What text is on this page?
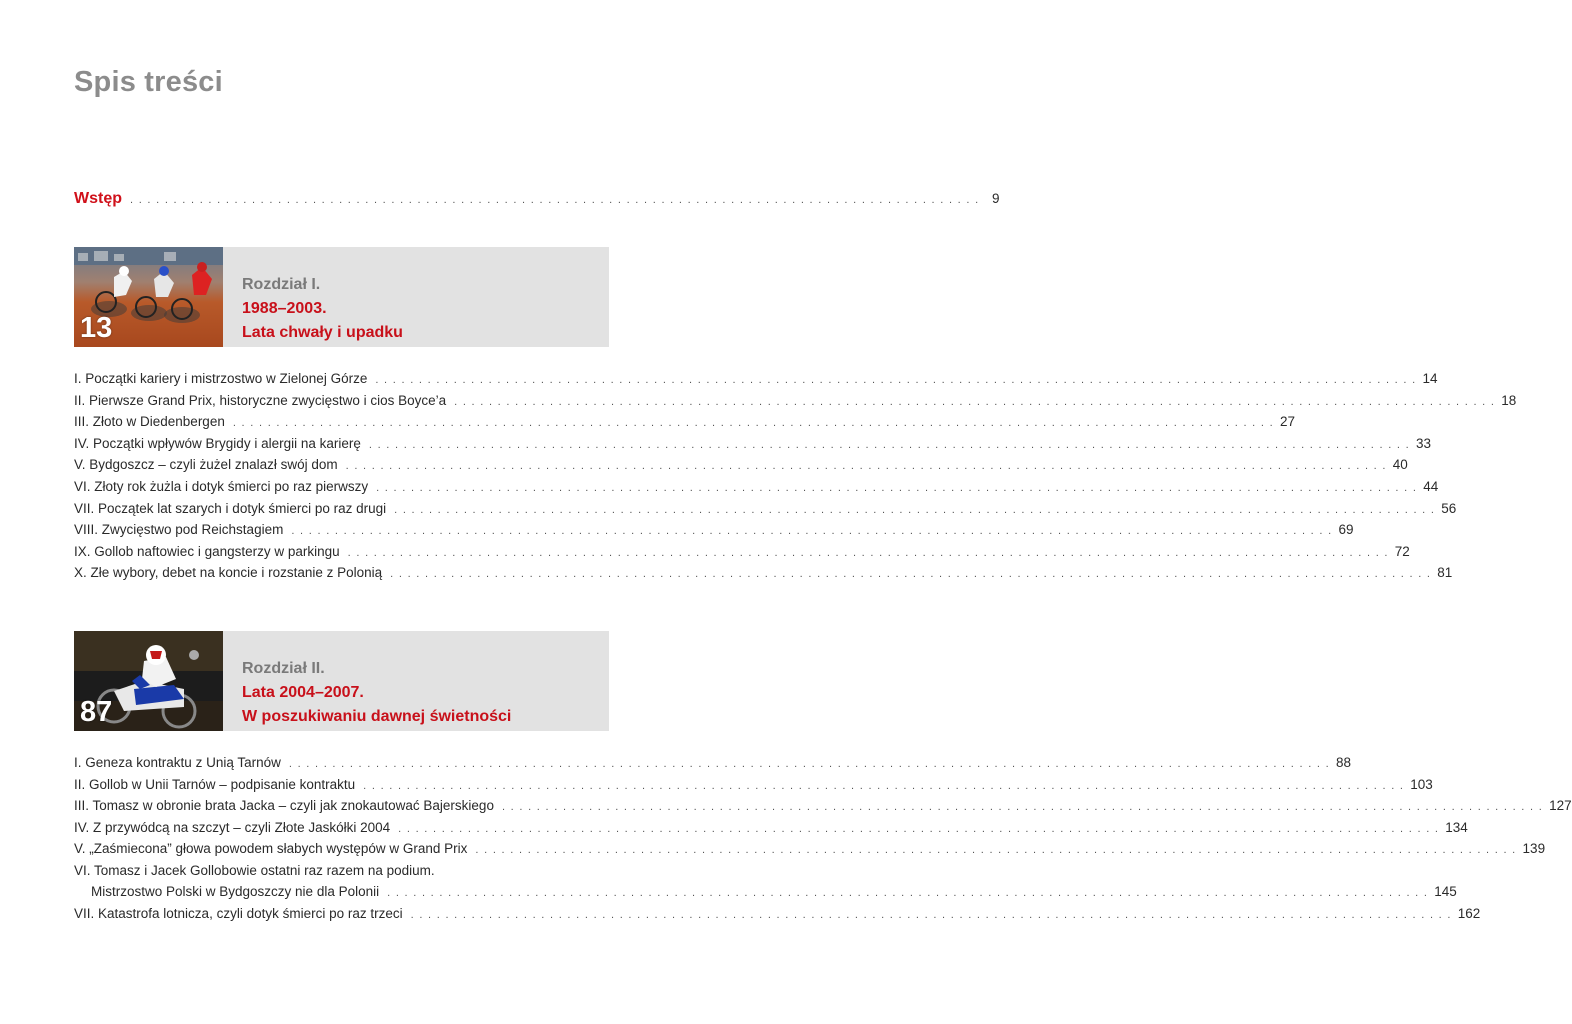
Spis treści
Wstęp . . . . . . . . . . . . . . . . . . . . . . . . . . . . . . . . . . . . . . . . . . . . . . . . . . . . . . . . . . . . . . . . . . . . . . . . . . . . . . . . . . . . . . . . . . . . . . . . . . 9
13
Rozdział I.
1988–2003.
Lata chwały i upadku
I. Początki kariery i mistrzostwo w Zielonej Górze . . . . . . . . . . . . . . . . . . . . . . . . . . . . . . . . . . . . . . . . . . . . . . . . . . . . . . . . . . . . . . . . . . . . . . . . . . . . . . . . . . . . . . . . . . . . . . . . . . . . . . . . . . . . . . . . . . . . . . . . 14
II. Pierwsze Grand Prix, historyczne zwycięstwo i cios Boyce’a . . . . . . . . . . . . . . . . . . . . . . . . . . . . . . . . . . . . . . . . . . . . . . . . . . . . . . . . . . . . . . . . . . . . . . . . . . . . . . . . . . . . . . . . . . . . . . . . . . . . . . . . . . . . . . . . . . . . . . . . 18
III. Złoto w Diedenbergen . . . . . . . . . . . . . . . . . . . . . . . . . . . . . . . . . . . . . . . . . . . . . . . . . . . . . . . . . . . . . . . . . . . . . . . . . . . . . . . . . . . . . . . . . . . . . . . . . . . . . . . . . . . . . . . . . . . . . . . . 27
IV. Początki wpływów Brygidy i alergii na karierę . . . . . . . . . . . . . . . . . . . . . . . . . . . . . . . . . . . . . . . . . . . . . . . . . . . . . . . . . . . . . . . . . . . . . . . . . . . . . . . . . . . . . . . . . . . . . . . . . . . . . . . . . . . . . . . . . . . . . . . . 33
V. Bydgoszcz – czyli żużel znalazł swój dom . . . . . . . . . . . . . . . . . . . . . . . . . . . . . . . . . . . . . . . . . . . . . . . . . . . . . . . . . . . . . . . . . . . . . . . . . . . . . . . . . . . . . . . . . . . . . . . . . . . . . . . . . . . . . . . . . . . . . . . . 40
VI. Złoty rok żużla i dotyk śmierci po raz pierwszy . . . . . . . . . . . . . . . . . . . . . . . . . . . . . . . . . . . . . . . . . . . . . . . . . . . . . . . . . . . . . . . . . . . . . . . . . . . . . . . . . . . . . . . . . . . . . . . . . . . . . . . . . . . . . . . . . . . . . . . . 44
VII. Początek lat szarych i dotyk śmierci po raz drugi . . . . . . . . . . . . . . . . . . . . . . . . . . . . . . . . . . . . . . . . . . . . . . . . . . . . . . . . . . . . . . . . . . . . . . . . . . . . . . . . . . . . . . . . . . . . . . . . . . . . . . . . . . . . . . . . . . . . . . . . 56
VIII. Zwycięstwo pod Reichstagiem . . . . . . . . . . . . . . . . . . . . . . . . . . . . . . . . . . . . . . . . . . . . . . . . . . . . . . . . . . . . . . . . . . . . . . . . . . . . . . . . . . . . . . . . . . . . . . . . . . . . . . . . . . . . . . . . . . . . . . . . 69
IX. Gollob naftowiec i gangsterzy w parkingu . . . . . . . . . . . . . . . . . . . . . . . . . . . . . . . . . . . . . . . . . . . . . . . . . . . . . . . . . . . . . . . . . . . . . . . . . . . . . . . . . . . . . . . . . . . . . . . . . . . . . . . . . . . . . . . . . . . . . . . . 72
X. Złe wybory, debet na koncie i rozstanie z Polonią . . . . . . . . . . . . . . . . . . . . . . . . . . . . . . . . . . . . . . . . . . . . . . . . . . . . . . . . . . . . . . . . . . . . . . . . . . . . . . . . . . . . . . . . . . . . . . . . . . . . . . . . . . . . . . . . . . . . . . . . 81
87
Rozdział II.
Lata 2004–2007.
W poszukiwaniu dawnej świetności
I. Geneza kontraktu z Unią Tarnów . . . . . . . . . . . . . . . . . . . . . . . . . . . . . . . . . . . . . . . . . . . . . . . . . . . . . . . . . . . . . . . . . . . . . . . . . . . . . . . . . . . . . . . . . . . . . . . . . . . . . . . . . . . . . . . . . . . . . . . . 88
II. Gollob w Unii Tarnów – podpisanie kontraktu . . . . . . . . . . . . . . . . . . . . . . . . . . . . . . . . . . . . . . . . . . . . . . . . . . . . . . . . . . . . . . . . . . . . . . . . . . . . . . . . . . . . . . . . . . . . . . . . . . . . . . . . . . . . . . . . . . . . . . . . 103
III. Tomasz w obronie brata Jacka – czyli jak znokautować Bajerskiego . . . . . . . . . . . . . . . . . . . . . . . . . . . . . . . . . . . . . . . . . . . . . . . . . . . . . . . . . . . . . . . . . . . . . . . . . . . . . . . . . . . . . . . . . . . . . . . . . . . . . . . . . . . . . . . . . . . . . . . . 127
IV. Z przywódcą na szczyt – czyli Złote Jaskółki 2004 . . . . . . . . . . . . . . . . . . . . . . . . . . . . . . . . . . . . . . . . . . . . . . . . . . . . . . . . . . . . . . . . . . . . . . . . . . . . . . . . . . . . . . . . . . . . . . . . . . . . . . . . . . . . . . . . . . . . . . . . 134
V. „Zaśmiecona” głowa powodem słabych występów w Grand Prix . . . . . . . . . . . . . . . . . . . . . . . . . . . . . . . . . . . . . . . . . . . . . . . . . . . . . . . . . . . . . . . . . . . . . . . . . . . . . . . . . . . . . . . . . . . . . . . . . . . . . . . . . . . . . . . . . . . . . . . . 139
VI. Tomasz i Jacek Gollobowie ostatni raz razem na podium.
Mistrzostwo Polski w Bydgoszczy nie dla Polonii . . . . . . . . . . . . . . . . . . . . . . . . . . . . . . . . . . . . . . . . . . . . . . . . . . . . . . . . . . . . . . . . . . . . . . . . . . . . . . . . . . . . . . . . . . . . . . . . . . . . . . . . . . . . . . . . . . . . . . . . 145
VII. Katastrofa lotnicza, czyli dotyk śmierci po raz trzeci . . . . . . . . . . . . . . . . . . . . . . . . . . . . . . . . . . . . . . . . . . . . . . . . . . . . . . . . . . . . . . . . . . . . . . . . . . . . . . . . . . . . . . . . . . . . . . . . . . . . . . . . . . . . . . . . . . . . . . . . 162
